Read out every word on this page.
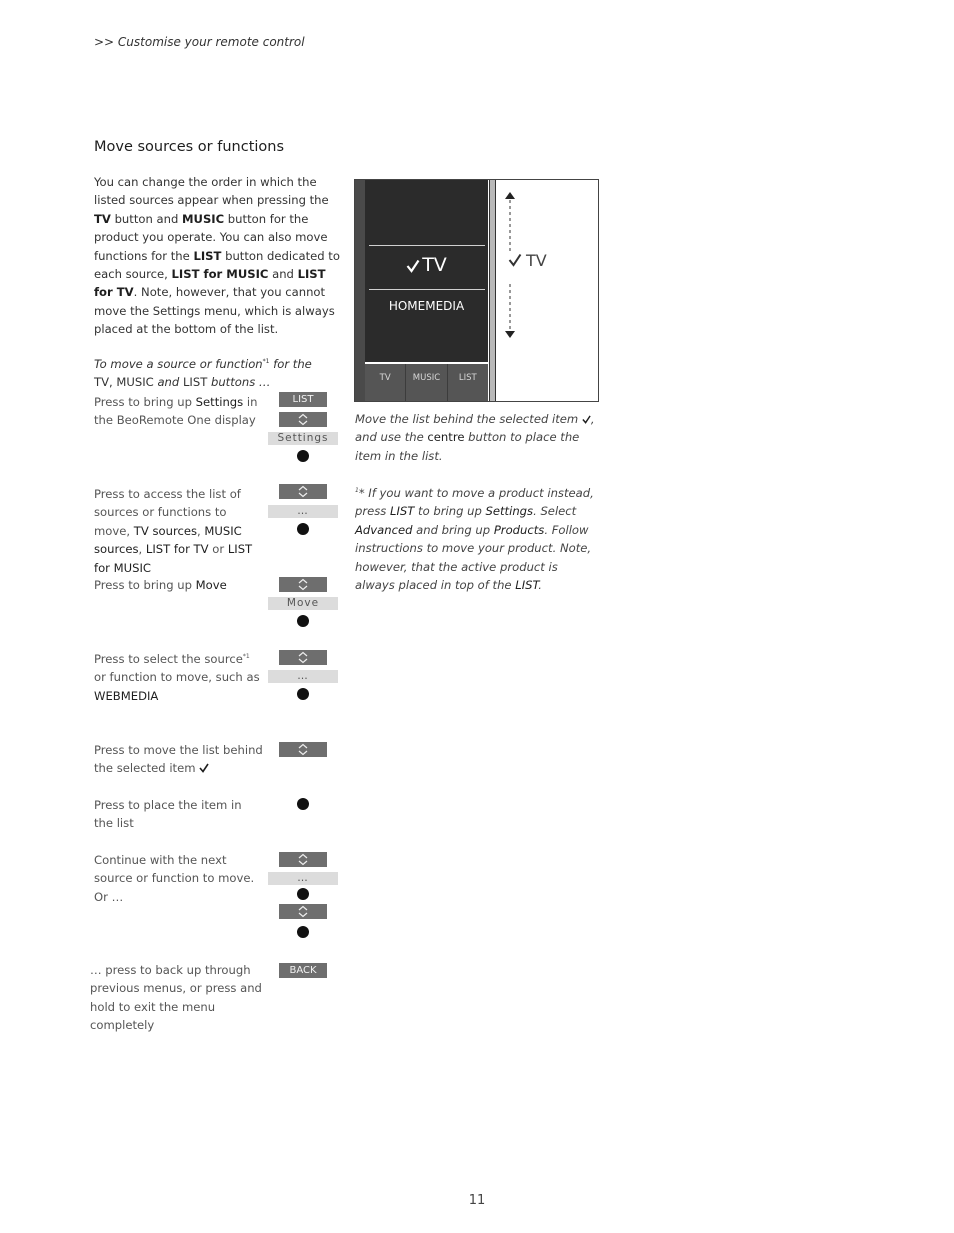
>> Customise your remote control
Move sources or functions
You can change the order in which the listed sources appear when pressing the TV button and MUSIC button for the product you operate. You can also move functions for the LIST button dedicated to each source, LIST for MUSIC and LIST for TV. Note, however, that you cannot move the Settings menu, which is always placed at the bottom of the list.
To move a source or function$^{*1}$ for the TV, MUSIC and LIST buttons …
Press to bring up Settings in the BeoRemote One display
LIST
Settings
Press to access the list of sources or functions to move, TV sources, MUSIC sources, LIST for TV or LIST for MUSIC
…
Press to bring up Move
Move
Press to select the source$^{*1}$ or function to move, such as WEBMEDIA
…
Press to move the list behind the selected item
Press to place the item in the list
Continue with the next source or function to move. Or …
…
… press to back up through previous menus, or press and hold to exit the menu completely
BACK
TV
HOMEMEDIA
TV	MUSIC	LIST
TV
Move the list behind the selected item , and use the centre button to place the item in the list.
$^1$* If you want to move a product instead, press LIST to bring up Settings. Select Advanced and bring up Products. Follow instructions to move your product. Note, however, that the active product is always placed in top of the LIST.
11
